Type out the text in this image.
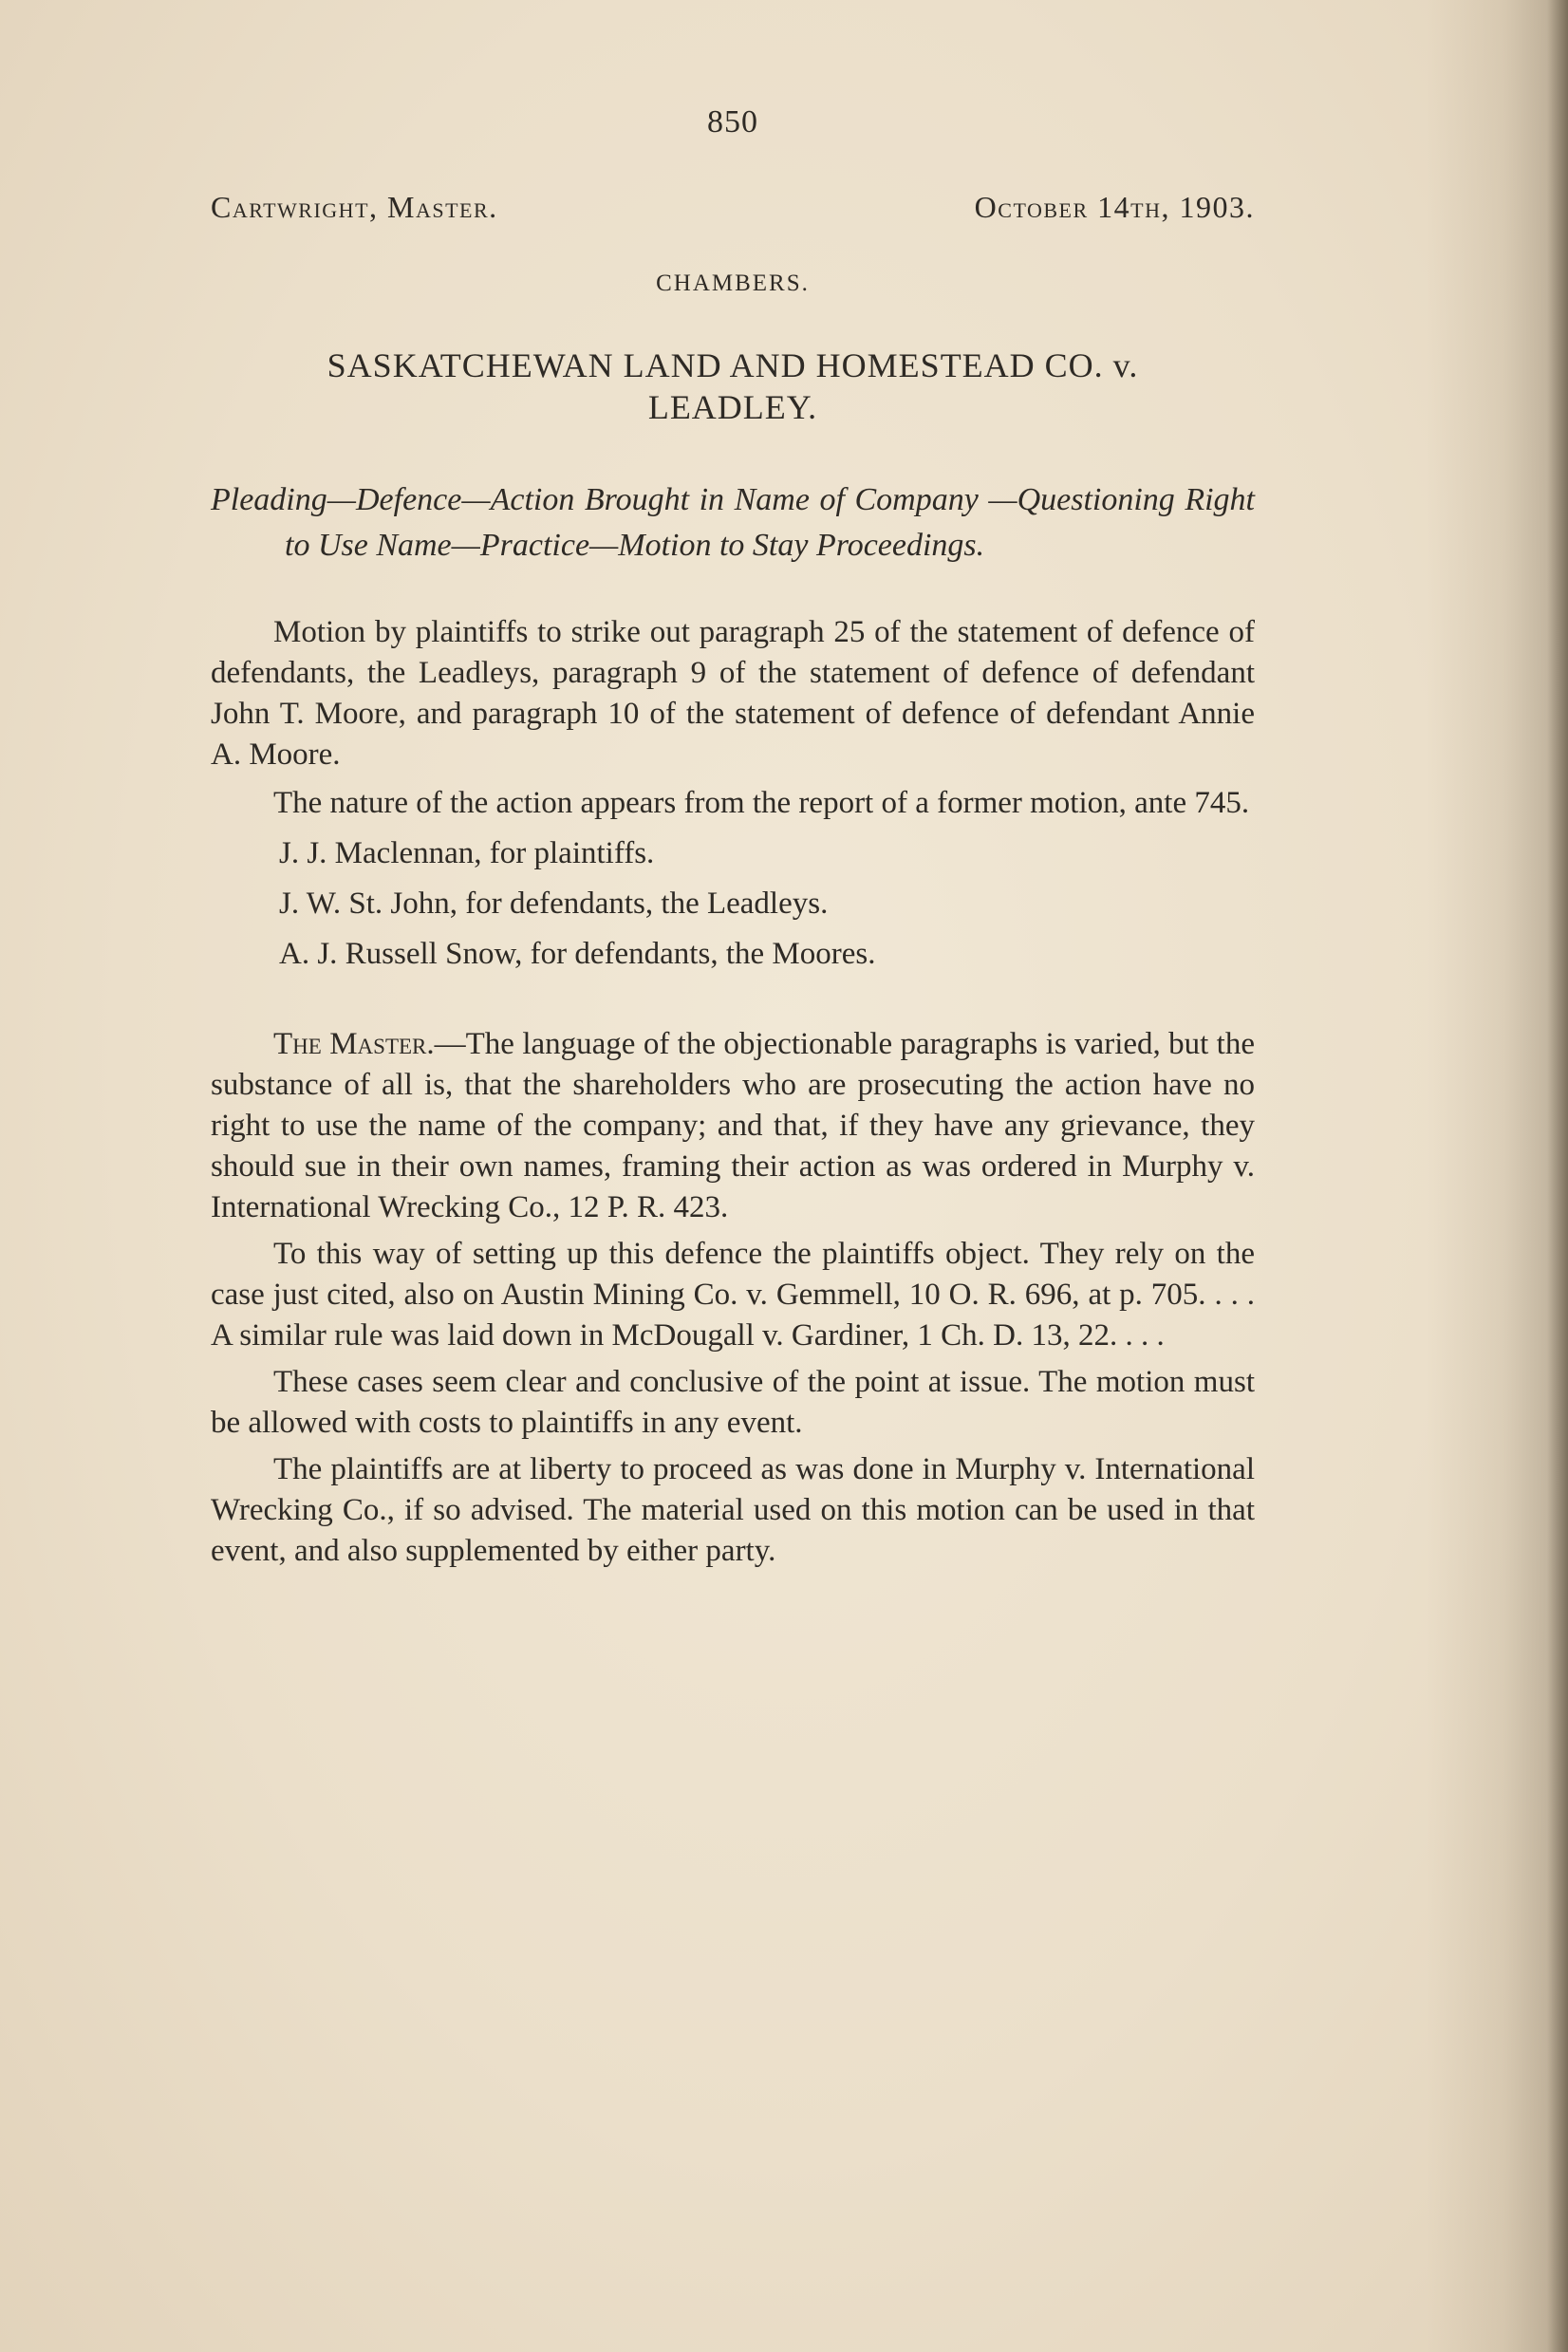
850
Cartwright, Master.	October 14th, 1903.
CHAMBERS.
SASKATCHEWAN LAND AND HOMESTEAD CO. v.
LEADLEY.

Pleading—Defence—Action Brought in Name of Company —Questioning Right to Use Name—Practice—Motion to Stay Proceedings.

Motion by plaintiffs to strike out paragraph 25 of the statement of defence of defendants, the Leadleys, paragraph 9 of the statement of defence of defendant John T. Moore, and paragraph 10 of the statement of defence of defendant Annie A. Moore.

The nature of the action appears from the report of a former motion, ante 745.

J. J. Maclennan, for plaintiffs.

J. W. St. John, for defendants, the Leadleys.

A. J. Russell Snow, for defendants, the Moores.

The Master.—The language of the objectionable paragraphs is varied, but the substance of all is, that the shareholders who are prosecuting the action have no right to use the name of the company; and that, if they have any grievance, they should sue in their own names, framing their action as was ordered in Murphy v. International Wrecking Co., 12 P. R. 423.

To this way of setting up this defence the plaintiffs object. They rely on the case just cited, also on Austin Mining Co. v. Gemmell, 10 O. R. 696, at p. 705. . . . A similar rule was laid down in McDougall v. Gardiner, 1 Ch. D. 13, 22. . . .

These cases seem clear and conclusive of the point at issue. The motion must be allowed with costs to plaintiffs in any event.

The plaintiffs are at liberty to proceed as was done in Murphy v. International Wrecking Co., if so advised. The material used on this motion can be used in that event, and also supplemented by either party.
